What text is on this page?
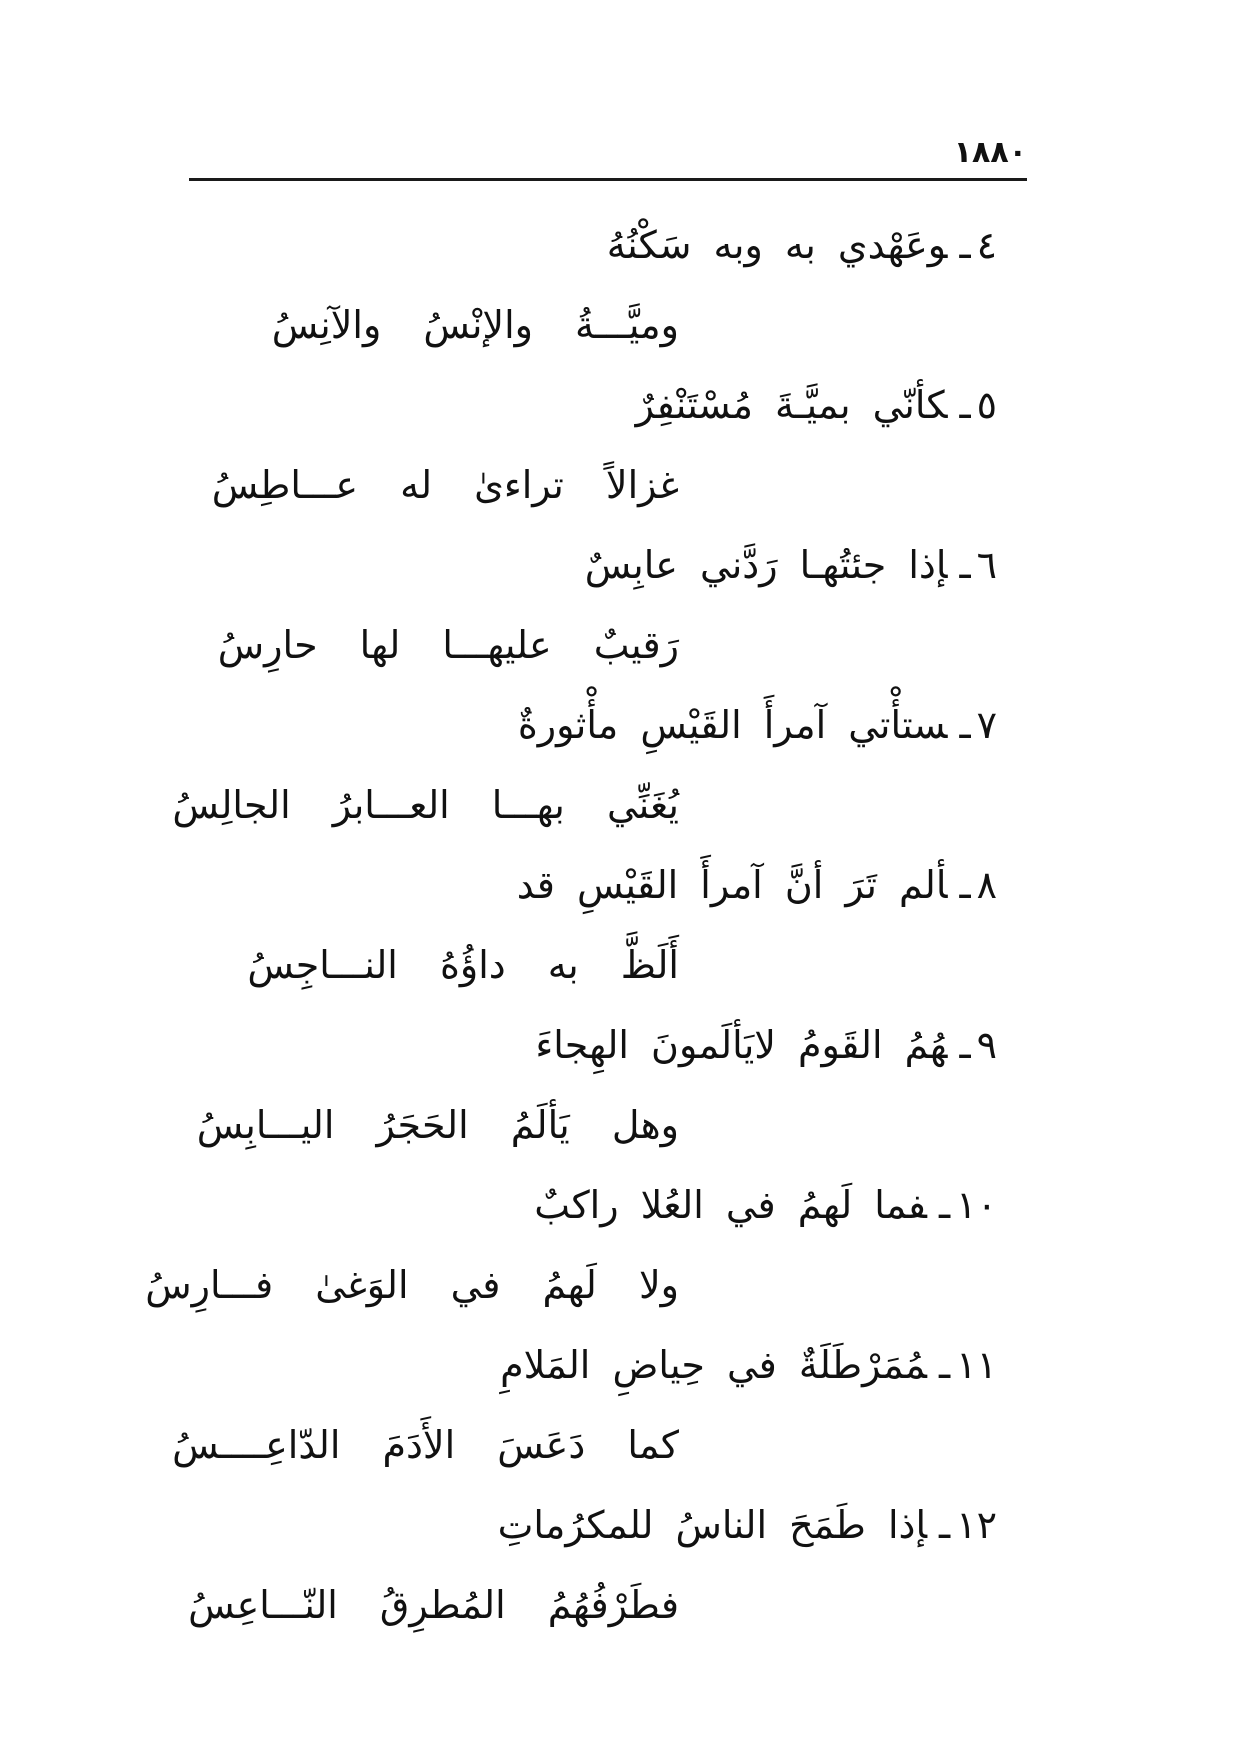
١٨٨٠
٤ـوعَهْدي به وبه سَكْنُهُ
وميَّـــةُ والإنْسُ والآنِسُ
٥ـكأنّي بميَّـةَ مُسْتَنْفِرٌ
غزالاً تراءىٰ له عـــاطِسُ
٦ـإذا جئتُهـا رَدَّني عابِسٌ
رَقيبٌ عليهـــا لها حارِسُ
٧ـستأْتي آمرأَ القَيْسِ مأْثورةٌ
يُغَنِّي بهـــا العـــابرُ الجالِسُ
٨ـألم تَرَ أنَّ آمرأَ القَيْسِ قد
أَلَظَّ به داؤُهُ النـــاجِسُ
٩ـهُمُ القَومُ لايَألَمونَ الهِجاءَ
وهل يَألَمُ الحَجَرُ اليـــابِسُ
١٠ـفما لَهمُ في العُلا راكبٌ
ولا لَهمُ في الوَغىٰ فـــارِسُ
١١ـمُمَرْطَلَةٌ في حِياضِ المَلامِ
كما دَعَسَ الأَدَمَ الدّاعِــــسُ
١٢ـإذا طَمَحَ الناسُ للمكرُماتِ
فطَرْفُهُمُ المُطرِقُ النّـــاعِسُ
